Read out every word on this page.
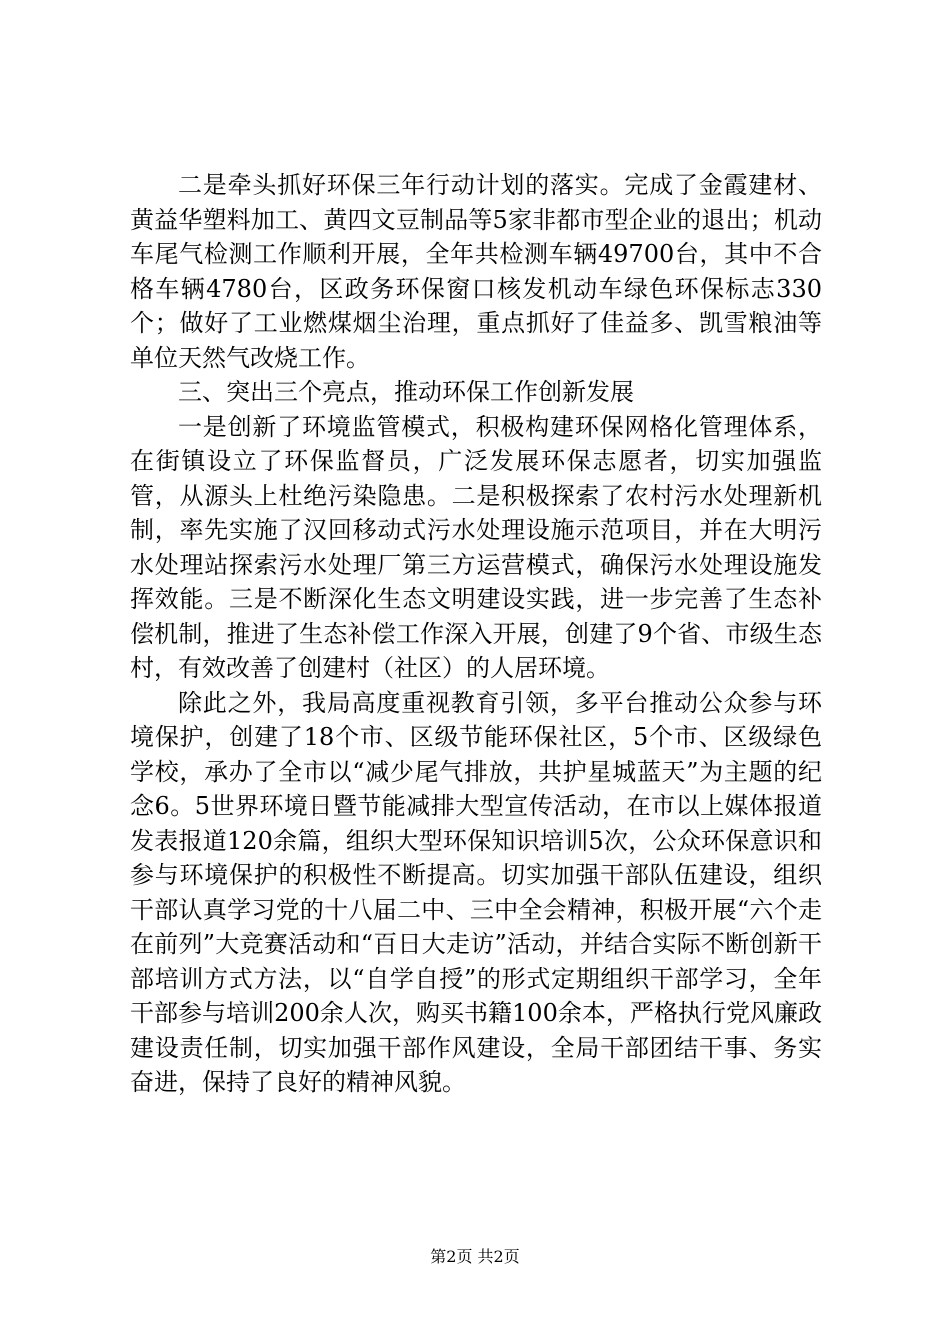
二是牵头抓好环保三年行动计划的落实。完成了金霞建材、黄益华塑料加工、黄四文豆制品等5家非都市型企业的退出；机动车尾气检测工作顺利开展，全年共检测车辆49700台，其中不合格车辆4780台，区政务环保窗口核发机动车绿色环保标志330个；做好了工业燃煤烟尘治理，重点抓好了佳益多、凯雪粮油等单位天然气改烧工作。

三、突出三个亮点，推动环保工作创新发展

一是创新了环境监管模式，积极构建环保网格化管理体系，在街镇设立了环保监督员，广泛发展环保志愿者，切实加强监管，从源头上杜绝污染隐患。二是积极探索了农村污水处理新机制，率先实施了汉回移动式污水处理设施示范项目，并在大明污水处理站探索污水处理厂第三方运营模式，确保污水处理设施发挥效能。三是不断深化生态文明建设实践，进一步完善了生态补偿机制，推进了生态补偿工作深入开展，创建了9个省、市级生态村，有效改善了创建村（社区）的人居环境。

除此之外，我局高度重视教育引领，多平台推动公众参与环境保护，创建了18个市、区级节能环保社区，5个市、区级绿色学校，承办了全市以“减少尾气排放，共护星城蓝天”为主题的纪念6。5世界环境日暨节能减排大型宣传活动，在市以上媒体报道发表报道120余篇，组织大型环保知识培训5次，公众环保意识和参与环境保护的积极性不断提高。切实加强干部队伍建设，组织干部认真学习党的十八届二中、三中全会精神，积极开展“六个走在前列”大竞赛活动和“百日大走访”活动，并结合实际不断创新干部培训方式方法，以“自学自授”的形式定期组织干部学习，全年干部参与培训200余人次，购买书籍100余本，严格执行党风廉政建设责任制，切实加强干部作风建设，全局干部团结干事、务实奋进，保持了良好的精神风貌。

第2页 共2页
